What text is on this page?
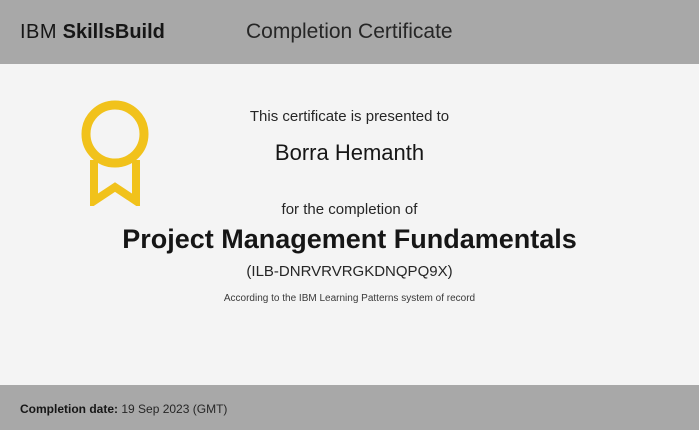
IBM SkillsBuild	Completion Certificate
This certificate is presented to
Borra Hemanth
for the completion of
Project Management Fundamentals
(ILB-DNRVRVRGKDNQPQ9X)
According to the IBM Learning Patterns system of record
Completion date: 19 Sep 2023 (GMT)
